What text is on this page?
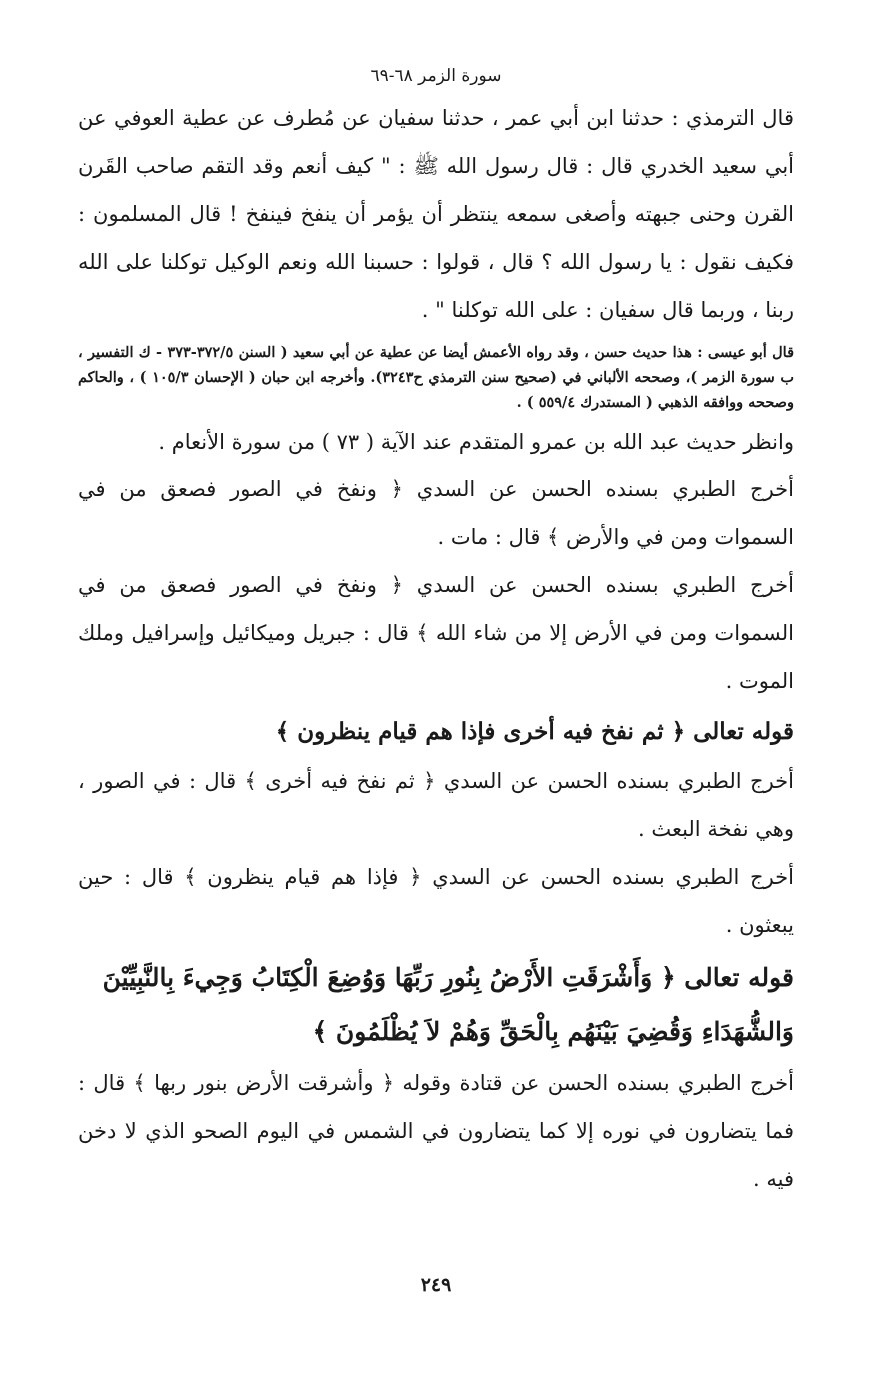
سورة الزمر ٦٨-٦٩

قال الترمذي : حدثنا ابن أبي عمر ، حدثنا سفيان عن مُطرف عن عطية العوفي عن أبي سعيد الخدري قال : قال رسول الله ﷺ : " كيف أنعم وقد التقم صاحب القَرن القرن وحنى جبهته وأصغى سمعه ينتظر أن يؤمر أن ينفخ فينفخ ! قال المسلمون : فكيف نقول : يا رسول الله ؟ قال ، قولوا : حسبنا الله ونعم الوكيل توكلنا على الله ربنا ، وربما قال سفيان : على الله توكلنا " .

قال أبو عيسى : هذا حديث حسن ، وقد رواه الأعمش أيضا عن عطية عن أبي سعيد ( السنن ٣٧٢/٥-٣٧٣ - ك التفسير ، ب سورة الزمر )، وصححه الألباني في (صحيح سنن الترمذي ح٣٢٤٣). وأخرجه ابن حبان ( الإحسان ١٠٥/٣ ) ، والحاكم وصححه ووافقه الذهبي ( المستدرك ٥٥٩/٤ ) .

وانظر حديث عبد الله بن عمرو المتقدم عند الآية ( ٧٣ ) من سورة الأنعام .

أخرج الطبري بسنده الحسن عن السدي ﴿ ونفخ في الصور فصعق من في السموات ومن في والأرض ﴾ قال : مات .

أخرج الطبري بسنده الحسن عن السدي ﴿ ونفخ في الصور فصعق من في السموات ومن في الأرض إلا من شاء الله ﴾ قال : جبريل وميكائيل وإسرافيل وملك الموت .

قوله تعالى ﴿ ثم نفخ فيه أخرى فإذا هم قيام ينظرون ﴾

أخرج الطبري بسنده الحسن عن السدي ﴿ ثم نفخ فيه أخرى ﴾ قال : في الصور ، وهي نفخة البعث .

أخرج الطبري بسنده الحسن عن السدي ﴿ فإذا هم قيام ينظرون ﴾ قال : حين يبعثون .

قوله تعالى ﴿ وَأَشْرَقَتِ الأَرْضُ بِنُورِ رَبِّهَا وَوُضِعَ الْكِتَابُ وَجِيءَ بِالنَّبِيِّيْنَ وَالشُّهَدَاءِ وَقُضِيَ بَيْنَهُم بِالْحَقِّ وَهُمْ لاَ يُظْلَمُونَ ﴾

أخرج الطبري بسنده الحسن عن قتادة وقوله ﴿ وأشرقت الأرض بنور ربها ﴾ قال : فما يتضارون في نوره إلا كما يتضارون في الشمس في اليوم الصحو الذي لا دخن فيه .

٢٤٩
